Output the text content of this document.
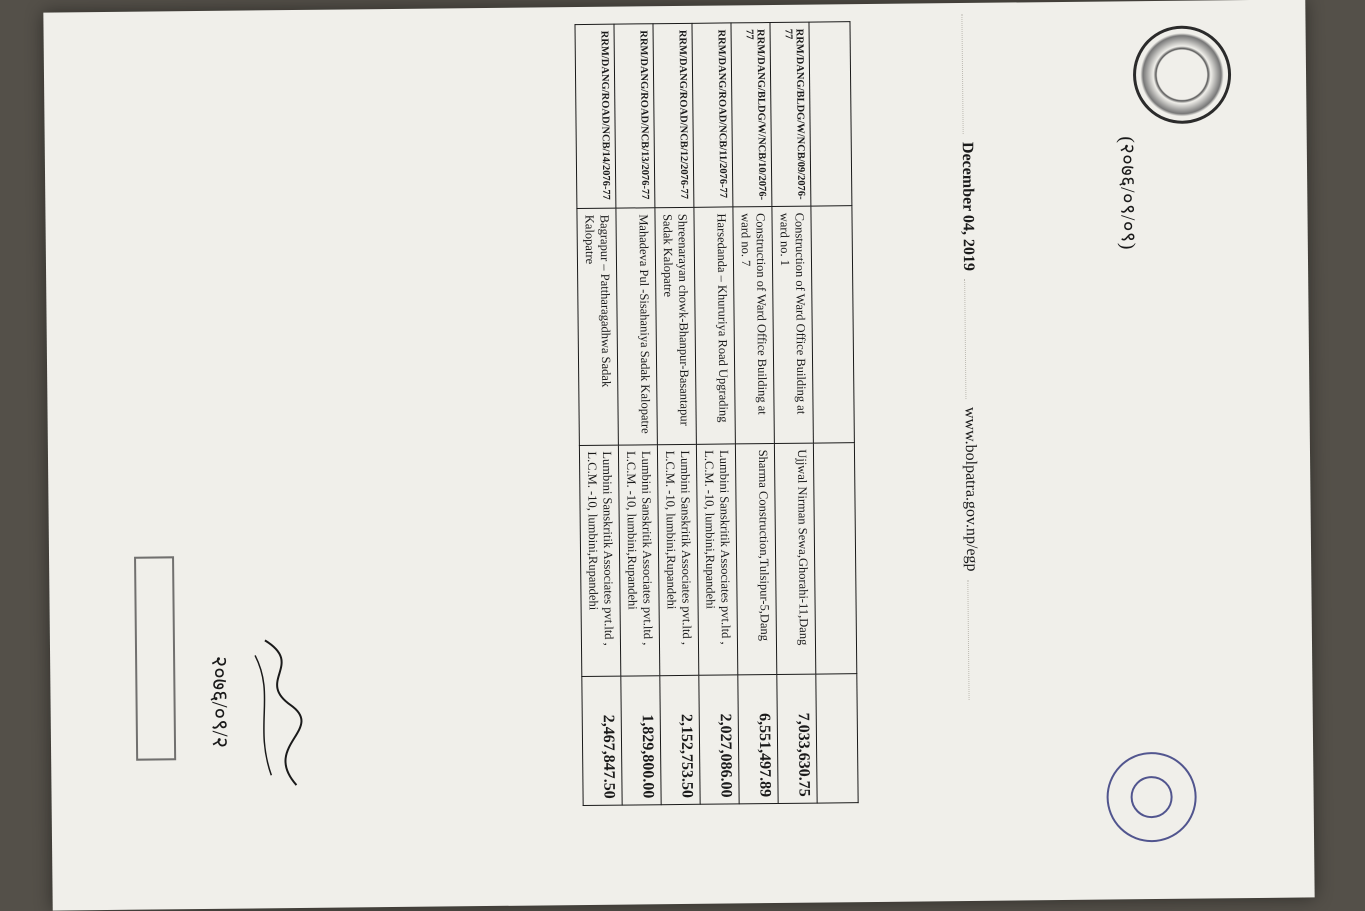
(२०७६/०९/०९)
December 04, 2019www.bolpatra.gov.np/egp

RRM/DANG/BLDG/W/NCB/09/2076-77	Construction of Ward Office Building at ward no. 1	Ujjwal Nirman Sewa,Ghorahi-11,Dang	7,033,630.75
RRM/DANG/BLDG/W/NCB/10/2076-77	Construction of Ward Office Building at ward no. 7	Sharma Construction,Tulsipur-5,Dang	6,551,497.89
RRM/DANG/ROAD/NCB/11/2076-77	Harsedanda – Khururiya Road Upgrading	Lumbini Sanskritik Associates pvt.ltd , L.C.M. -10, lumbini,Rupandehi	2,027,086.00
RRM/DANG/ROAD/NCB/12/2076-77	Shreenarayan chowk-Bhanpur-Basantapur Sadak Kalopatre	Lumbini Sanskritik Associates pvt.ltd , L.C.M. -10, lumbini,Rupandehi	2,152,753.50
RRM/DANG/ROAD/NCB/13/2076-77	Mahadeva Pul -Sisahaniya Sadak Kalopatre	Lumbini Sanskritik Associates pvt.ltd , L.C.M. -10, lumbini,Rupandehi	1,829,800.00
RRM/DANG/ROAD/NCB/14/2076-77	Bagrapur – Pattharagadhwa Sadak Kalopatre	Lumbini Sanskritik Associates pvt.ltd , L.C.M. -10, lumbini,Rupandehi	2,467,847.50
२०७६/०९/२
